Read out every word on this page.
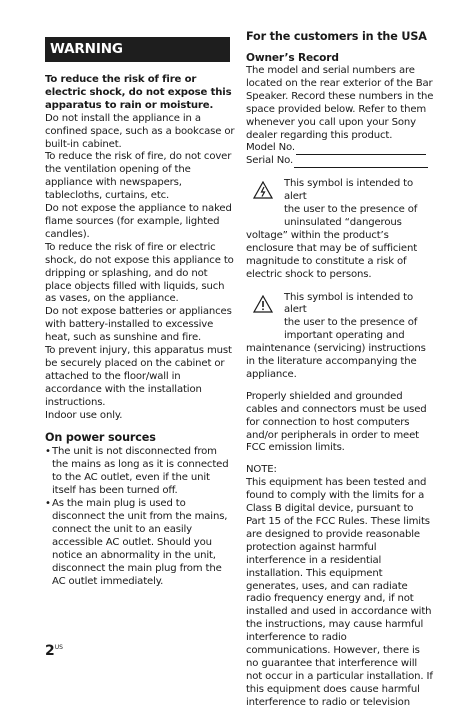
WARNING

To reduce the risk of fire or electric shock, do not expose this apparatus to rain or moisture.

Do not install the appliance in a confined space, such as a bookcase or built-in cabinet.

To reduce the risk of fire, do not cover the ventilation opening of the appliance with newspapers, tablecloths, curtains, etc.

Do not expose the appliance to naked flame sources (for example, lighted candles).

To reduce the risk of fire or electric shock, do not expose this appliance to dripping or splashing, and do not place objects filled with liquids, such as vases, on the appliance.

Do not expose batteries or appliances with battery-installed to excessive heat, such as sunshine and fire.

To prevent injury, this apparatus must be securely placed on the cabinet or attached to the floor/wall in accordance with the installation instructions.

Indoor use only.

On power sources
• The unit is not disconnected from the mains as long as it is connected to the AC outlet, even if the unit itself has been turned off.
• As the main plug is used to disconnect the unit from the mains, connect the unit to an easily accessible AC outlet. Should you notice an abnormality in the unit, disconnect the main plug from the AC outlet immediately.
For the customers in the USA
Owner’s Record

The model and serial numbers are located on the rear exterior of the Bar Speaker. Record these numbers in the space provided below. Refer to them whenever you call upon your Sony dealer regarding this product.

Model No.
Serial No.
This symbol is intended to alert
the user to the presence of
uninsulated “dangerous
voltage” within the product’s enclosure that may be of sufficient magnitude to constitute a risk of electric shock to persons.
This symbol is intended to alert
the user to the presence of
important operating and
maintenance (servicing) instructions in the literature accompanying the appliance.

Properly shielded and grounded cables and connectors must be used for connection to host computers and/or peripherals in order to meet FCC emission limits.

NOTE:

This equipment has been tested and found to comply with the limits for a Class B digital device, pursuant to Part 15 of the FCC Rules. These limits are designed to provide reasonable protection against harmful interference in a residential installation. This equipment generates, uses, and can radiate radio frequency energy and, if not installed and used in accordance with the instructions, may cause harmful interference to radio communications. However, there is no guarantee that interference will not occur in a particular installation. If this equipment does cause harmful interference to radio or television

$2^{US}$
